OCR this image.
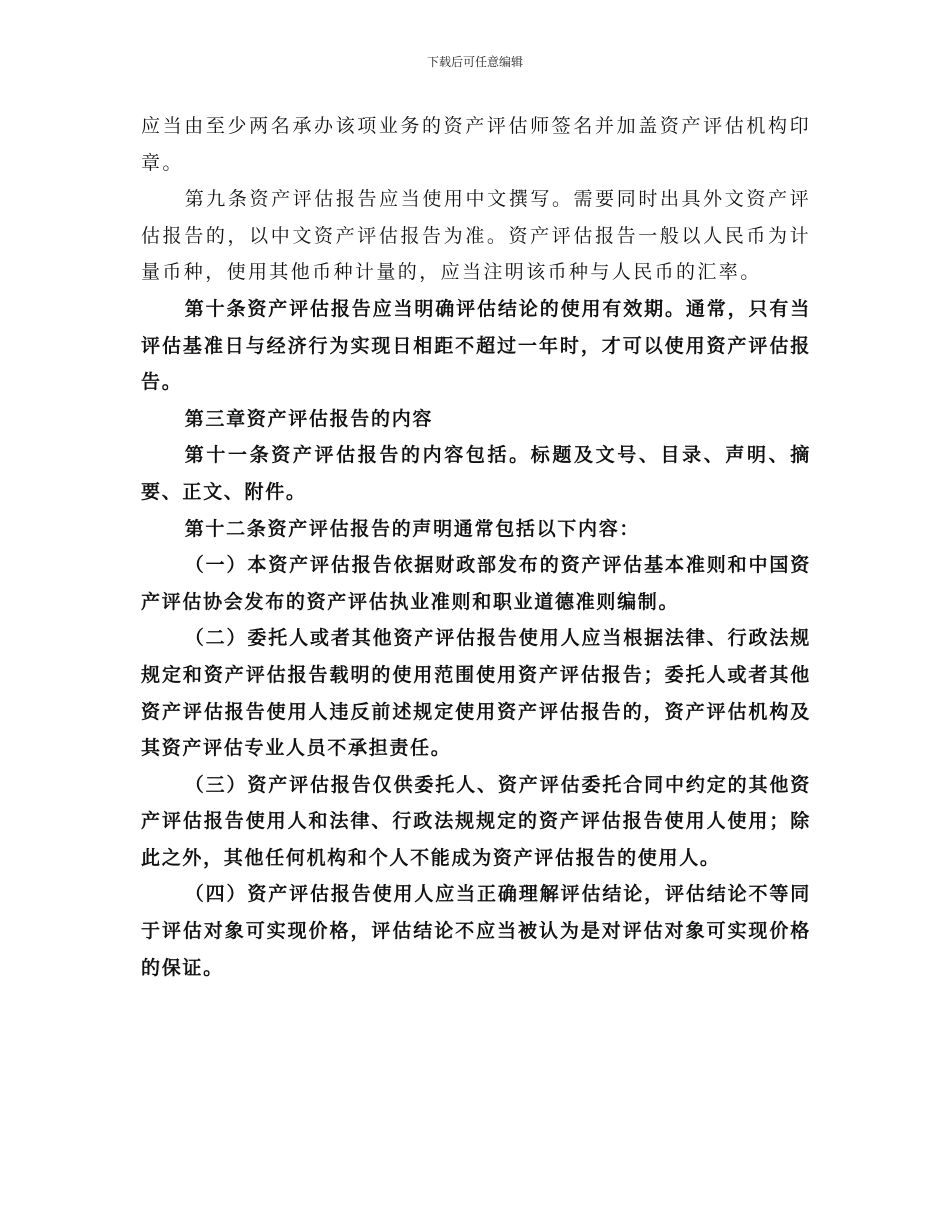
下载后可任意编辑

应当由至少两名承办该项业务的资产评估师签名并加盖资产评估机构印章。

第九条资产评估报告应当使用中文撰写。需要同时出具外文资产评估报告的，以中文资产评估报告为准。资产评估报告一般以人民币为计量币种，使用其他币种计量的，应当注明该币种与人民币的汇率。

第十条资产评估报告应当明确评估结论的使用有效期。通常，只有当评估基准日与经济行为实现日相距不超过一年时，才可以使用资产评估报告。

第三章资产评估报告的内容

第十一条资产评估报告的内容包括。标题及文号、目录、声明、摘要、正文、附件。

第十二条资产评估报告的声明通常包括以下内容：

（一）本资产评估报告依据财政部发布的资产评估基本准则和中国资产评估协会发布的资产评估执业准则和职业道德准则编制。

（二）委托人或者其他资产评估报告使用人应当根据法律、行政法规规定和资产评估报告载明的使用范围使用资产评估报告；委托人或者其他资产评估报告使用人违反前述规定使用资产评估报告的，资产评估机构及其资产评估专业人员不承担责任。

（三）资产评估报告仅供委托人、资产评估委托合同中约定的其他资产评估报告使用人和法律、行政法规规定的资产评估报告使用人使用；除此之外，其他任何机构和个人不能成为资产评估报告的使用人。

（四）资产评估报告使用人应当正确理解评估结论，评估结论不等同于评估对象可实现价格，评估结论不应当被认为是对评估对象可实现价格的保证。
